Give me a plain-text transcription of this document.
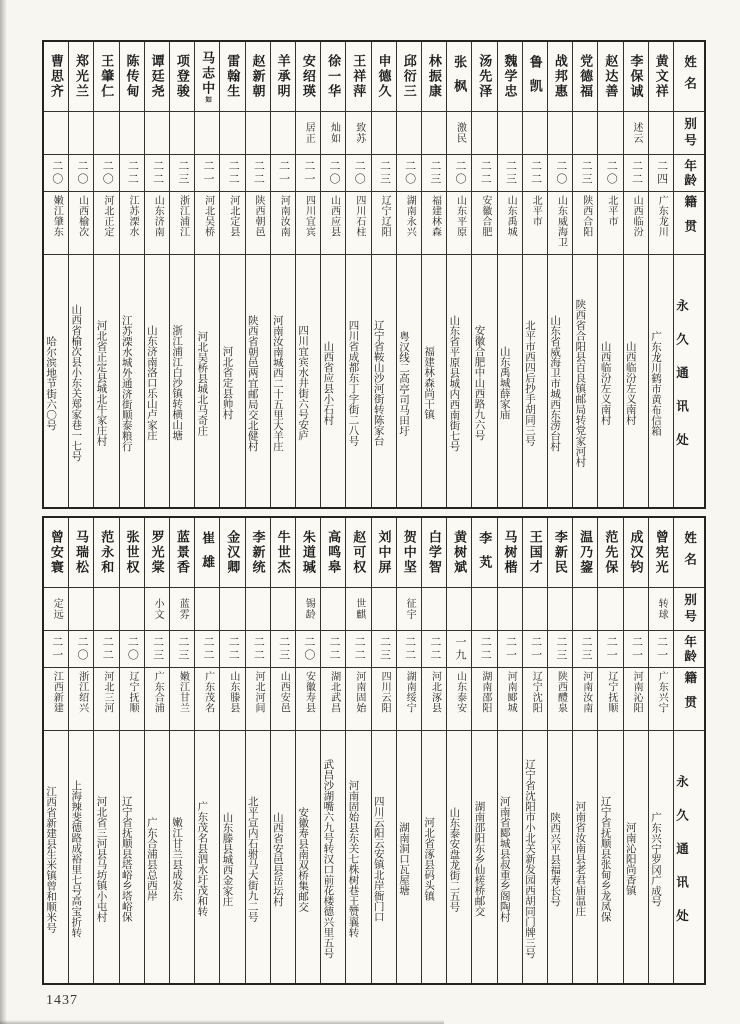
姓名
别号
年龄
籍贯
永久通讯处
黄文祥
二四
广东龙川
广东龙川鹤市黄布信箱
李保诚
述云
二二
山西临汾
山西临汾左义南村
赵达善
二〇
北平市
山西临汾左义南村
党德福
二三
陕西合阳
陕西省合阳县百良镇邮局转党家河村
战邦惠
二〇
山东威海卫
山东省威海卫市城西东涝台村
鲁凯
二二
北平市
北平市西四后抄手胡同三号
魏学忠
二三
山东禹城
山东禹城薛家庙
汤先泽
二二
安徽合肥
安徽合肥中山西路九六号
张枫
激民
二〇
山东平原
山东省平原县城内西南街七号
林振康
二三
福建林森
福建林森尚干镇
邱衍三
二〇
湖南永兴
粤汉线二高亭司马田圩
申德久
二三
辽宁辽阳
辽宁省鞍山沙河街转陈家台
王祥萍
致苏
二〇
四川石柱
四川省成都东丁字街二八号
徐一华
灿如
二〇
山西应县
山西省应县小石村
安绍瑛
居正
二一
四川宜宾
四川宜宾水井街六号安庐
羊承明
二一
河南汝南
河南汝南城西二十五里大羊庄
赵新朝
二二
陕西朝邑
陕西省朝邑两宜邮局交北健村
雷翰生
二二
河北定县
河北省定县帅村
马志中如
二一
河北吴桥
河北吴桥县城北马奇庄
项登骏
二三
浙江浦江
浙江浦江白沙镇转横山塘
谭廷尧
二二
山东济南
山东济南洛口乐山卢家庄
陈传甸
二二
江苏溧水
江苏溧水城外通济街顺泰粮行
王肇仁
二〇
河北正定
河北省正定县城北牛家庄村
郑光兰
二〇
山西榆次
山西省榆次县小东关郑家巷一七号
曹思齐
二〇
嫩江肇东
哈尔滨地节街六〇号
姓名
别号
年龄
籍贯
永久通讯处
曾宪光
转球
二一
广东兴宁
广东兴宁罗冈广成号
成汉钧
二一
河南沁阳
河南沁阳尚香镇
范先保
二一
辽宁抚顺
辽宁省抚顺县张甸乡龙凤保
温乃鋆
二三
河南汝南
河南省汝南县老君庙温庄
李新民
二三
陕西醴泉
陕西兴平县福寿长号
王国才
二一
辽宁沈阳
辽宁省沈阳市小北关新发园西胡同门牌三号
马树楷
二一
河南郾城
河南省郾城县叔重乡阁陶村
李芄
二二
湖南邵阳
湖南邵阳东乡仙槎桥邮交
黄树斌
一九
山东泰安
山东泰安盘龙街二五号
白学智
二二
河北涿县
河北省涿县码头镇
贺中坚
征宇
二二
湖南绥宁
湖南洞口瓦屋塘
刘中屏
二三
四川云阳
四川云阳云安镇北岸衙门口
赵可权
世麒
二二
河南固始
河南固始县东关七株树巷王赞襄转
高鸣皋
二二
湖北武昌
武昌沙湖嘴六九号转汉口前花楼德兴里五号
朱道瑊
锡龄
二〇
安徽寿县
安徽寿县南双桥集邮交
牛世杰
二三
山西安邑
山西省安邑县岳坛村
李新统
二二
河北河间
北平宣内石驸马大街九二号
金汉卿
二二
山东滕县
山东滕县城西金家庄
崔雄
二二
广东茂名
广东茂名县泗水圩茂和转
蓝景香
蓝雰
二三
嫩江甘兰
嫩江甘兰县成发东
罗光棠
小文
二三
广东合浦
广东合浦县总西岸
张世权
二〇
辽宁抚顺
辽宁省抚顺县塔峪乡塔峪保
范永和
二二
河北三河
河北省三河县马坊镇小屯村
马瑞松
二〇
浙江绍兴
上海辣斐德路成裕里七号高宝折转
曾安寰
定远
二一
江西新建
江西省新建县生米镇曾和顺米号
1437
